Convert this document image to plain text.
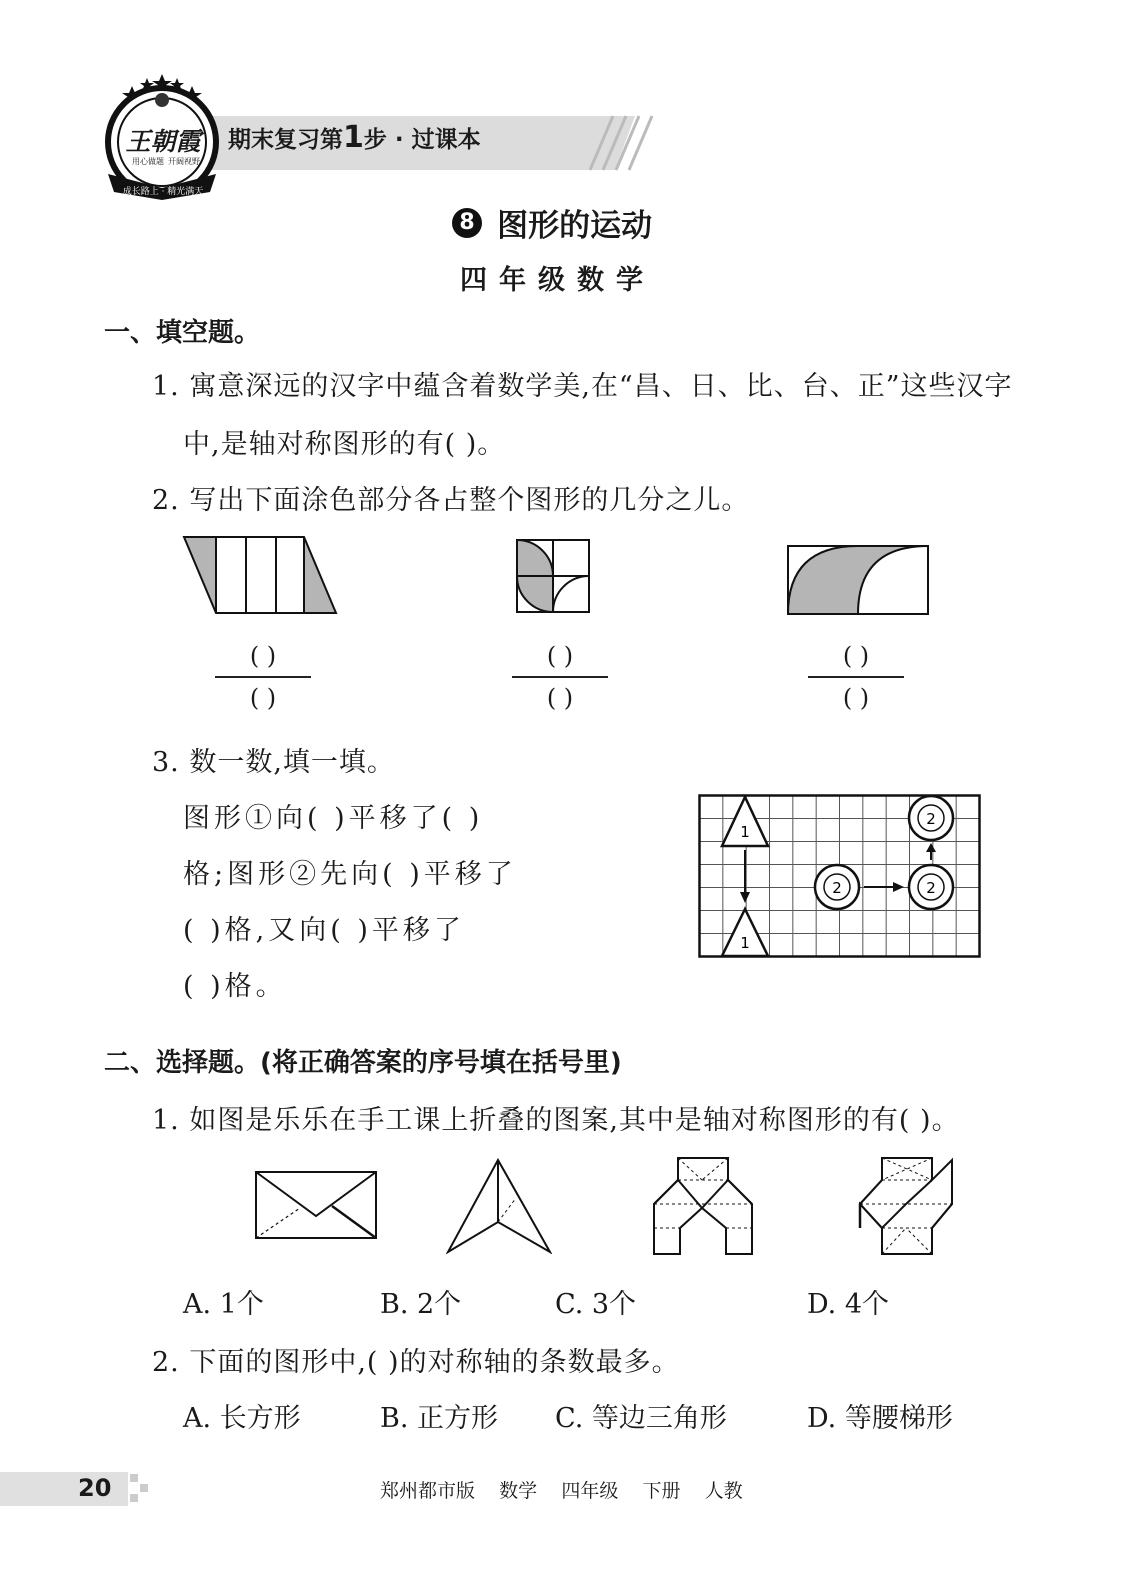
期末复习第1步 · 过课本
王朝霞
用心做题 开阔视野
成长路上 · 精光满天
8 图形的运动
四年级数学
一、填空题。
1. 寓意深远的汉字中蕴含着数学美,在“昌、日、比、台、正”这些汉字
中,是轴对称图形的有( )。
2. 写出下面涂色部分各占整个图形的几分之儿。
( )
( )
( )
( )
( )
( )
3. 数一数,填一填。
图形①向( )平移了( )
格;图形②先向( )平移了
( )格,又向( )平移了
( )格。
1
1
2	2
2
二、选择题。(将正确答案的序号填在括号里)
1. 如图是乐乐在手工课上折叠的图案,其中是轴对称图形的有( )。
A. 1个	B. 2个	C. 3个	D. 4个
2. 下面的图形中,( )的对称轴的条数最多。
A. 长方形	B. 正方形 C. 等边三角形	D. 等腰梯形
20	郑州都市版    数学    四年级    下册    人教
